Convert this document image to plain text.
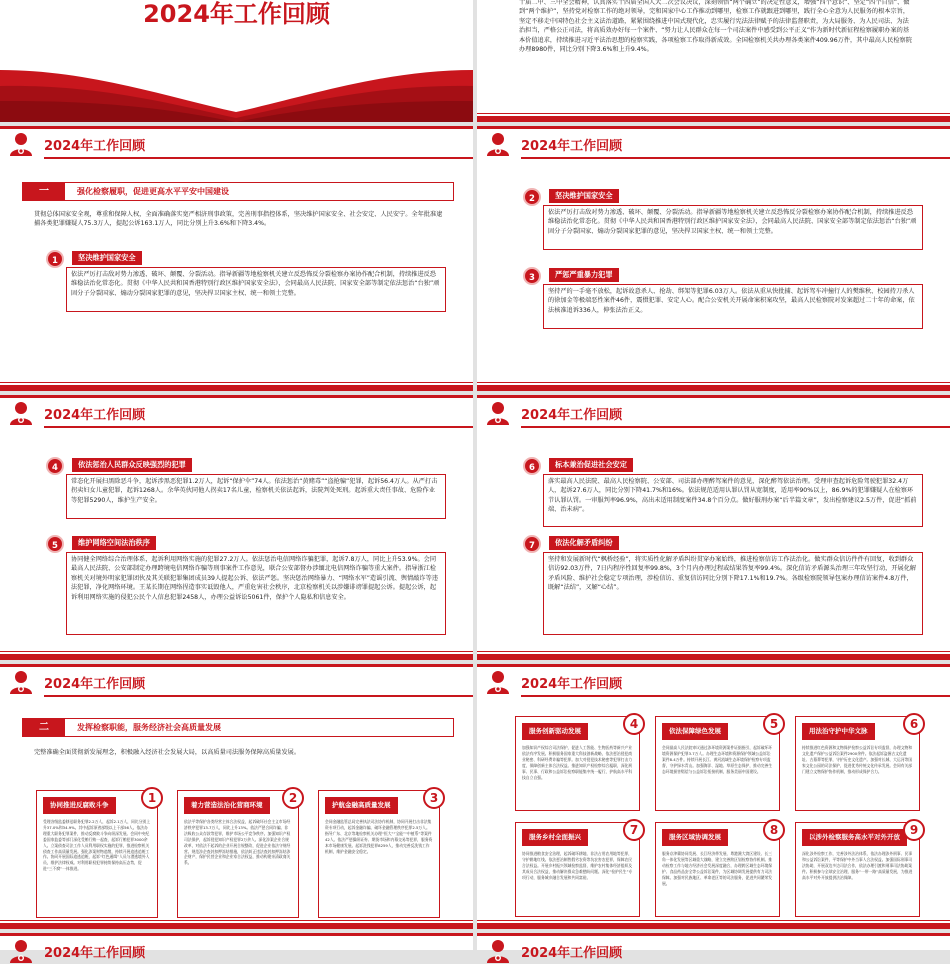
2024年工作回顾	十届二中、三中全会精神，认真落实十四届全国人大二次会议决议，深刻领悟“两个确立”的决定性意义，增强“四个意识”、坚定“四个自信”、做到“两个维护”，坚持党对检察工作的绝对领导，完和国家中心工作推动到哪里，检察工作就跟进到哪里，践行全心全意为人民服务的根本宗旨，坚定不移走中国特色社会主义法治道路，紧紧围绕推进中国式现代化，忠实履行宪法法律赋予的法律监督职责，为大局服务、为人民司法、为法治担当，严格公正司法，将高质效办好每一个案件、“努力让人民群众在每一个司法案件中感受到公平正义”作为新时代新征程检察履职办案的基本价值追求，持续推进习近平法治思想的检察实践，各项检察工作取得新成效。全国检察机关共办理各类案件409.96万件，其中最高人民检察院办理8980件，同比分别下降3.6%和上升9.4%。
2024年工作回顾
一	强化检察履职，促进更高水平平安中国建设
贯彻总体国家安全观，尊重和保障人权，全面准确落实宽严相济刑事政策，完善刑事指控体系，坚决维护国家安全、社会安定、人民安宁。全年批准逮捕各类犯罪嫌疑人75.3万人，提起公诉163.1万人，同比分别上升3.6%和下降3.4%。
1	坚决维护国家安全
依法严厉打击敌对势力渗透、破坏、颠覆、分裂活动。指导新疆等地检察机关建立反恐怖反分裂检察办案协作配合机制，持续推进反恐维稳法治化常态化。贯彻《中华人民共和国香港特别行政区维护国家安全法》，会同最高人民法院、国家安全部等制定依法惩治“台独”顽固分子分裂国家、煽动分裂国家犯罪的意见，坚决捍卫国家主权、统一和领土完整。
2024年工作回顾
2	坚决维护国家安全
依法严厉打击敌对势力渗透、破坏、颠覆、分裂活动。指导新疆等地检察机关建立反恐怖反分裂检察办案协作配合机制，持续推进反恐维稳法治化常态化。贯彻《中华人民共和国香港特别行政区维护国家安全法》，会同最高人民法院、国家安全部等制定依法惩治“台独”顽固分子分裂国家、煽动分裂国家犯罪的意见，坚决捍卫国家主权、统一和领土完整。
3	严惩严重暴力犯罪
坚持严的一手毫不放松，起诉故意杀人、抢劫、绑架等犯罪6.03万人。依法从重从快批捕、起诉驾车冲撞行人的樊维秋、校园持刀杀人的徐加金等极端恶性案件46件，震慑犯罪、安定人心。配合公安机关开展命案积案攻坚，最高人民检察院对发案超过二十年的命案，依法核准追诉336人，伸张法治正义。
2024年工作回顾
4	依法惩治人民群众反映强烈的犯罪
常态化开展扫黑除恶斗争，起诉涉黑恶犯罪1.2万人，起诉“保护伞”74人。依法惩治“黄赌毒”“盗抢骗”犯罪，起诉56.4万人。从严打击拐卖妇女儿童犯罪，起诉1268人。余华英伙同他人拐卖17名儿童，检察机关依法起诉，法院判处死刑。起诉重大责任事故、危险作业等犯罪5290人，维护生产安全。
5	维护网络空间法治秩序
协同健全网络综合治理体系，起诉利用网络实施的犯罪27.2万人。依法惩治电信网络诈骗犯罪，起诉7.8万人，同比上升53.9%。会同最高人民法院、公安部制定办理跨境电信网络诈骗等刑事案件工作意见，联合公安部督办涉缅北电信网络诈骗等重大案件。指导浙江检察机关对境外明家犯罪团伙及其关联犯罪集团成员39人提起公诉、依法严惩。坚决惩治网络暴力、“网络水军”造谣引流、舆情敲诈等违法犯罪，净化网络环境。王某长期在网络捏造事实诋毁他人，严重危害社会秩序，北京检察机关以涉嫌诽谤罪提起公诉。提起公诉，起诉利用网络实施的侵犯公民个人信息犯罪2458人，办理公益诉讼5061件，保护个人隐私和信息安全。
2024年工作回顾
6	标本兼治促进社会安定
落实最高人民法院、最高人民检察院、公安部、司法部办理醉驾案件的意见，深化醉驾依法治理。受理审查起诉危险驾驶犯罪32.4万人，起诉27.6万人，同比分别下降41.7%和16%。依法规范适用认罪认罚从宽制度，适用率90%以上，86.9%的犯罪嫌疑人在检察环节认罪认罚。一审服判率96.9%，高出未适用制度案件34.8个百分点。做好服刑办案“后半篇文章”，发出检察建议2.5万件，促进“抓前端、治未病”。
7	依法化解矛盾纠纷
坚持和发展新时代“枫桥经验”，将实质性化解矛盾纠纷贯穿办案始终，推进检察信访工作法治化。做实群众信访件件有回复，收到群众信访92.03万件，7日内程序性回复率99.8%，3个月内办理过程或结果答复率99.4%。深化信访矛盾源头治理三年攻坚行动，开展化解矛盾风险、维护社会稳定专项治理，涉检信访、重复信访同比分别下降17.1%和19.7%。各级检察院领导包案办理信访案件4.8万件，既解“法结”，又解“心结”。
2024年工作回顾
二	发挥检察职能，服务经济社会高质量发展
完整准确全面贯彻新发展理念，积极融入经济社会发展大局，以高质量司法服务保障高质量发展。
协同推进反腐败斗争	1
受理各级监委移送职务犯罪2.2万人，起诉2.1万人，同比分别上升37.0%和34.9%。其中起诉原省部级以上干部56人。依法办理重大职务犯罪案件，推动反腐败斗争向纵深发展。会同中央纪委国家监委等部门深化受贿行贿一起查，起诉行贿犯罪3000余人。立案侦查司法工作人员利用职权实施的犯罪，推进检察机关侦查工作高质量发展。强化涉案财物追缴，持续开展追逃追赃工作。协同开展国际追逃追赃，起诉“红色通缉”人员与潜逃境外人员，维护法律权威。对利用职权犯罪持续保持高压态势，促进“三不腐”一体推进。
着力营造法治化营商环境	2
依法平等保护各类经营主体合法权益，起诉破坏社会主义市场经济秩序犯罪13.7万人，同比上升13%。依法严惩合同诈骗、非法吸收公众存款等犯罪，维护市场公平竞争秩序。加强知识产权司法保护，起诉侵犯知识产权犯罪2万余人。深化涉案企业合规改革，对依法不起诉的企业开展合规整改，促进企业依法守规经营。规范涉企查封扣押冻结措施，依法纠正违法查封扣押冻结涉企财产，保护民营企业和企业家合法权益，推动构建亲清政商关系。
护航金融高质量发展	3
会同金融监管总局完善执法司法协作机制，协同开展打击非法集资专项行动，起诉金融诈骗、破坏金融管理秩序犯罪2.5万人。指导广东、北京等地检察机关办理“恒大”“宝能”“中植系”等案件42人。依法严惩操纵证券、期货市场和内幕交易等犯罪，服务资本市场健康发展。起诉洗钱犯罪8259人，推动完善反洗钱工作机制，维护金融安全稳定。
2024年工作回顾
服务创新驱动发展	4
加强知识产权综合司法保护，促进人工智能、生物医药等新兴产业依法有序发展。积极服务国家重大科技创新战略，依法惩治侵犯商业秘密、科研经费诈骗等犯罪。加大对侵犯技术秘密等犯罪打击力度，保障创新主体合法权益。推进知识产权检察综合履职，深化刑事、民事、行政和公益诉讼检察职能集中统一履行，护航高水平科技自立自强。
依法保障绿色发展	5
会同最高人民法院审议通过涉环境资源案件证据指引，起诉破坏环境资源保护犯罪3.7万人。办理生态环境和资源保护领域公益诉讼案件8.4万件。持续开展长江、黄河流域生态环境保护检察专项监督，守护绿水青山。加强海洋、湿地、草原生态保护，推动完善生态环境损害赔偿与公益诉讼衔接机制，服务美丽中国建设。
用法治守护中华文脉	6
持续推进红色资源和文物保护检察公益诉讼专项监督，办理文物和文化遗产保护公益诉讼案件2900余件。依法起诉盗掘古文化遗址、古墓葬等犯罪，守护历史文化遗产。加强对长城、大运河等国家文化公园的司法保护，促进优秀传统文化传承发展。会同有关部门建立文物保护协作机制，推动形成保护合力。
服务乡村全面振兴	7
协同推进粮食安全治理，起诉破坏耕地、非法占用农用地等犯罪，守护耕地红线。依法惩治制售假劣农资等坑农害农犯罪，保障农民合法权益。开展乡村振兴领域检察监督，维护农村集体经济组织及其成员合法权益，推动解决群众急难愁盼问题。深化“检护民生”专项行动，服务城乡融合发展和共同富裕。
服务区域协调发展	8
服务京津冀协同发展、长江经济带发展、粤港澳大湾区建设、长三角一体化发展等区域重大战略，建立完善跨区划检察协作机制。推动检察工作与地方经济社会发展深度融合，办理跨区域生态环境保护、食品药品安全等公益诉讼案件，为区域协调发展提供有力司法保障。加强对民族地区、革命老区等的司法服务，促进共同繁荣发展。
以涉外检察服务高水平对外开放 9
深化涉外检察工作，完善涉外法治体系，依法办理涉外刑事、民事和公益诉讼案件，平等保护中外当事人合法权益。加强国际刑事司法协助，开展双边多边司法合作，依法办理引渡和刑事司法协助案件。积极参与全球安全治理，服务“一带一路”高质量发展，为推进高水平对外开放提供法治保障。
2024年工作回顾	2024年工作回顾
